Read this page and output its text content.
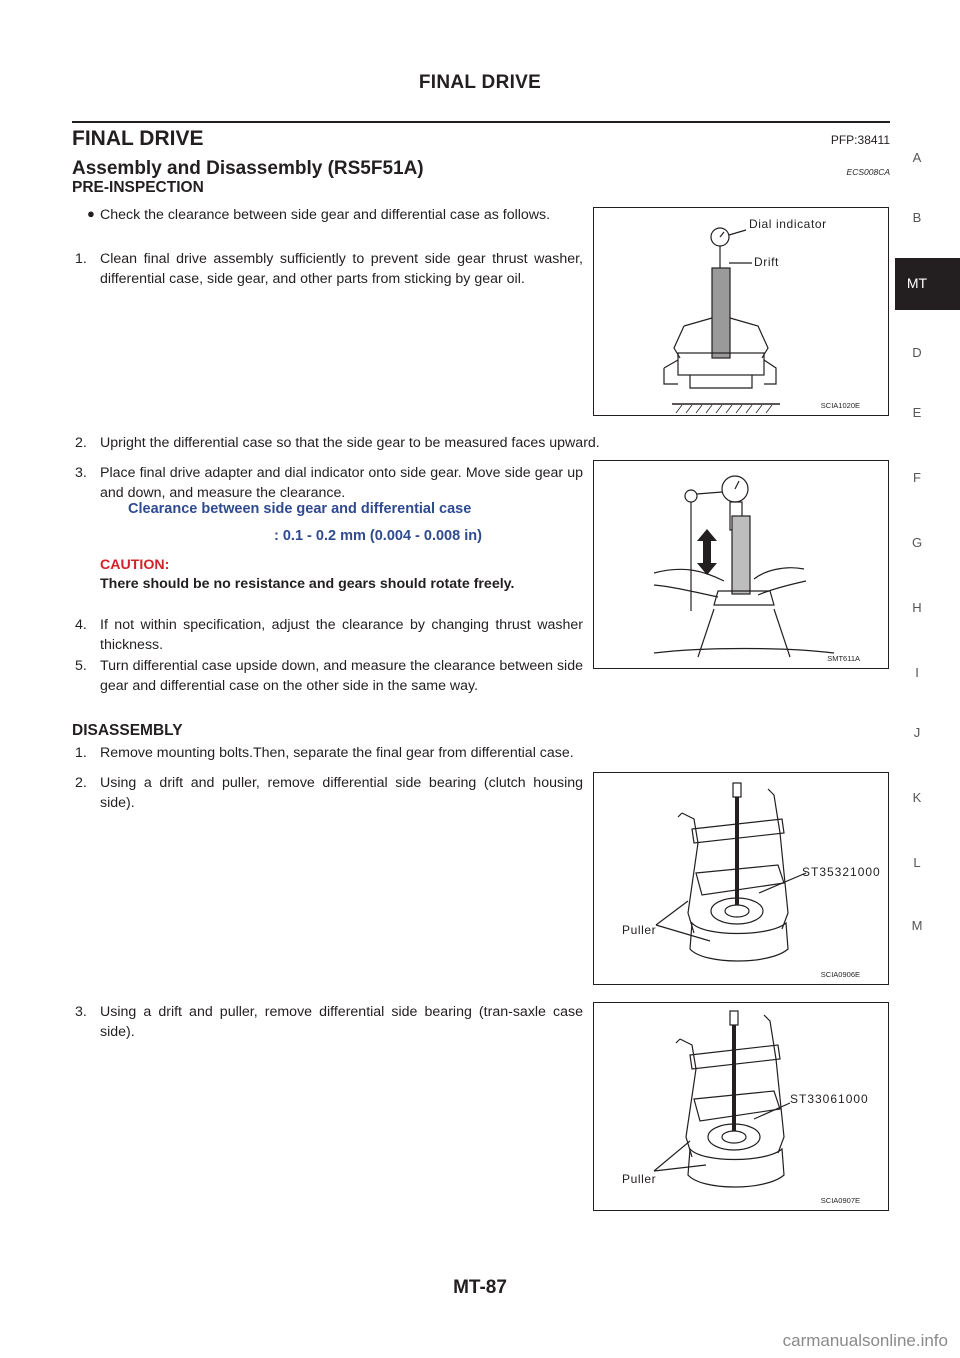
FINAL DRIVE
FINAL DRIVE	PFP:38411
Assembly and Disassembly (RS5F51A)	ECS008CA
PRE-INSPECTION
● Check the clearance between side gear and differential case as follows.
1. Clean final drive assembly sufficiently to prevent side gear thrust washer, differential case, side gear, and other parts from sticking by gear oil.
2. Upright the differential case so that the side gear to be measured faces upward.
3. Place final drive adapter and dial indicator onto side gear. Move side gear up and down, and measure the clearance.
Clearance between side gear and differential case
: 0.1 - 0.2 mm (0.004 - 0.008 in)
CAUTION:
There should be no resistance and gears should rotate freely.
4. If not within specification, adjust the clearance by changing thrust washer thickness.
5. Turn differential case upside down, and measure the clearance between side gear and differential case on the other side in the same way.
DISASSEMBLY
1. Remove mounting bolts.Then, separate the final gear from differential case.
2. Using a drift and puller, remove differential side bearing (clutch housing side).
3. Using a drift and puller, remove differential side bearing (tran-saxle case side).
Dial indicator
Drift
SCIA1020E
SMT611A
ST35321000
Puller
SCIA0906E
ST33061000
Puller
SCIA0907E
A
B
D
E
F
G
H
I
J
K
L
M
MT
MT-87
carmanualsonline.info
